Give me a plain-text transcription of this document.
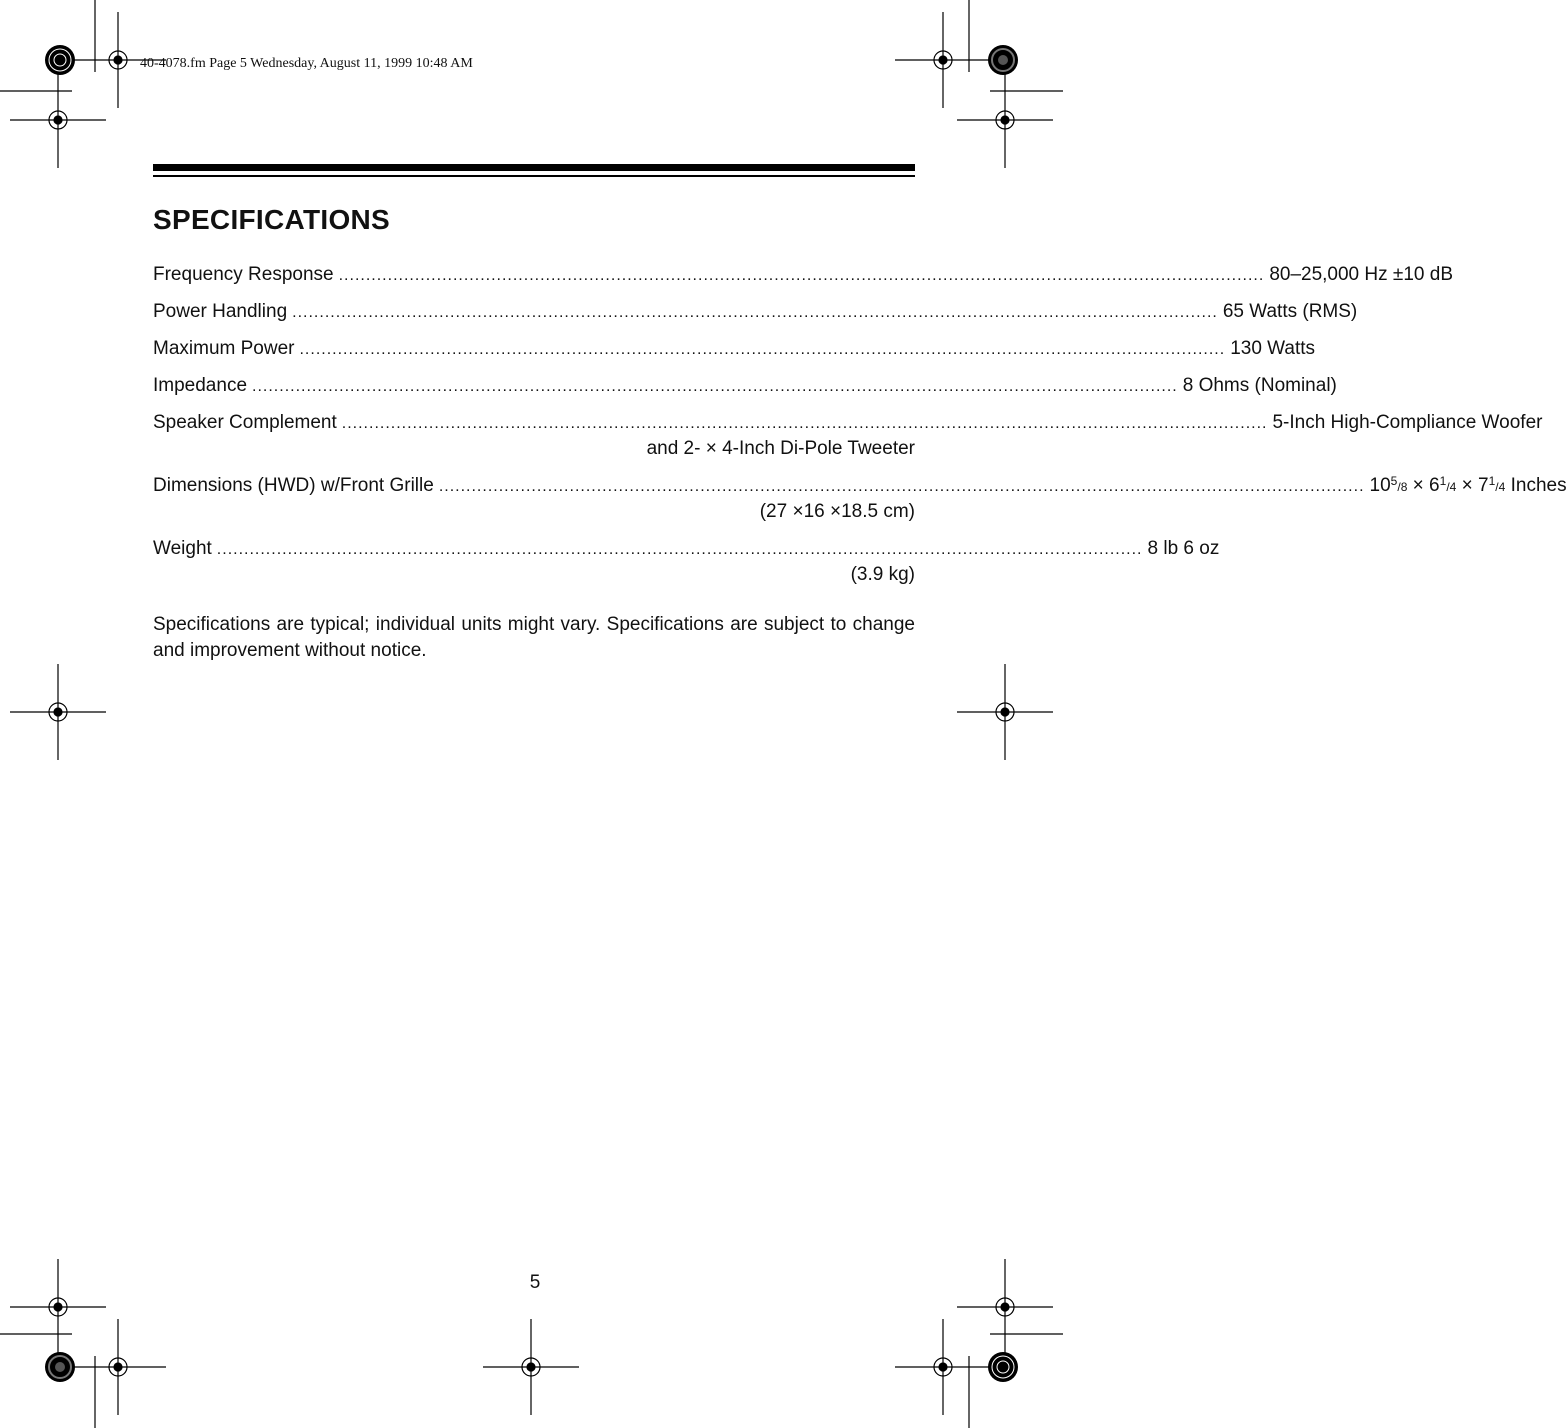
40-4078.fm Page 5 Wednesday, August 11, 1999 10:48 AM
SPECIFICATIONS
Frequency Response .......................................................................................................................................................................... 80–25,000 Hz ±10 dB
Power Handling .......................................................................................................................................................................... 65 Watts (RMS)
Maximum Power .......................................................................................................................................................................... 130 Watts
Impedance .......................................................................................................................................................................... 8 Ohms (Nominal)
Speaker Complement .......................................................................................................................................................................... 5-Inch High-Compliance Woofer
and 2- × 4-Inch Di-Pole Tweeter
Dimensions (HWD) w/Front Grille .......................................................................................................................................................................... $10^5/8 \times 6^1/4 \times 7^1/4$ Inches
(27 ×16 ×18.5 cm)
Weight .......................................................................................................................................................................... 8 lb 6 oz
(3.9 kg)

Specifications are typical; individual units might vary. Specifications are subject to change and improvement without notice.

5
